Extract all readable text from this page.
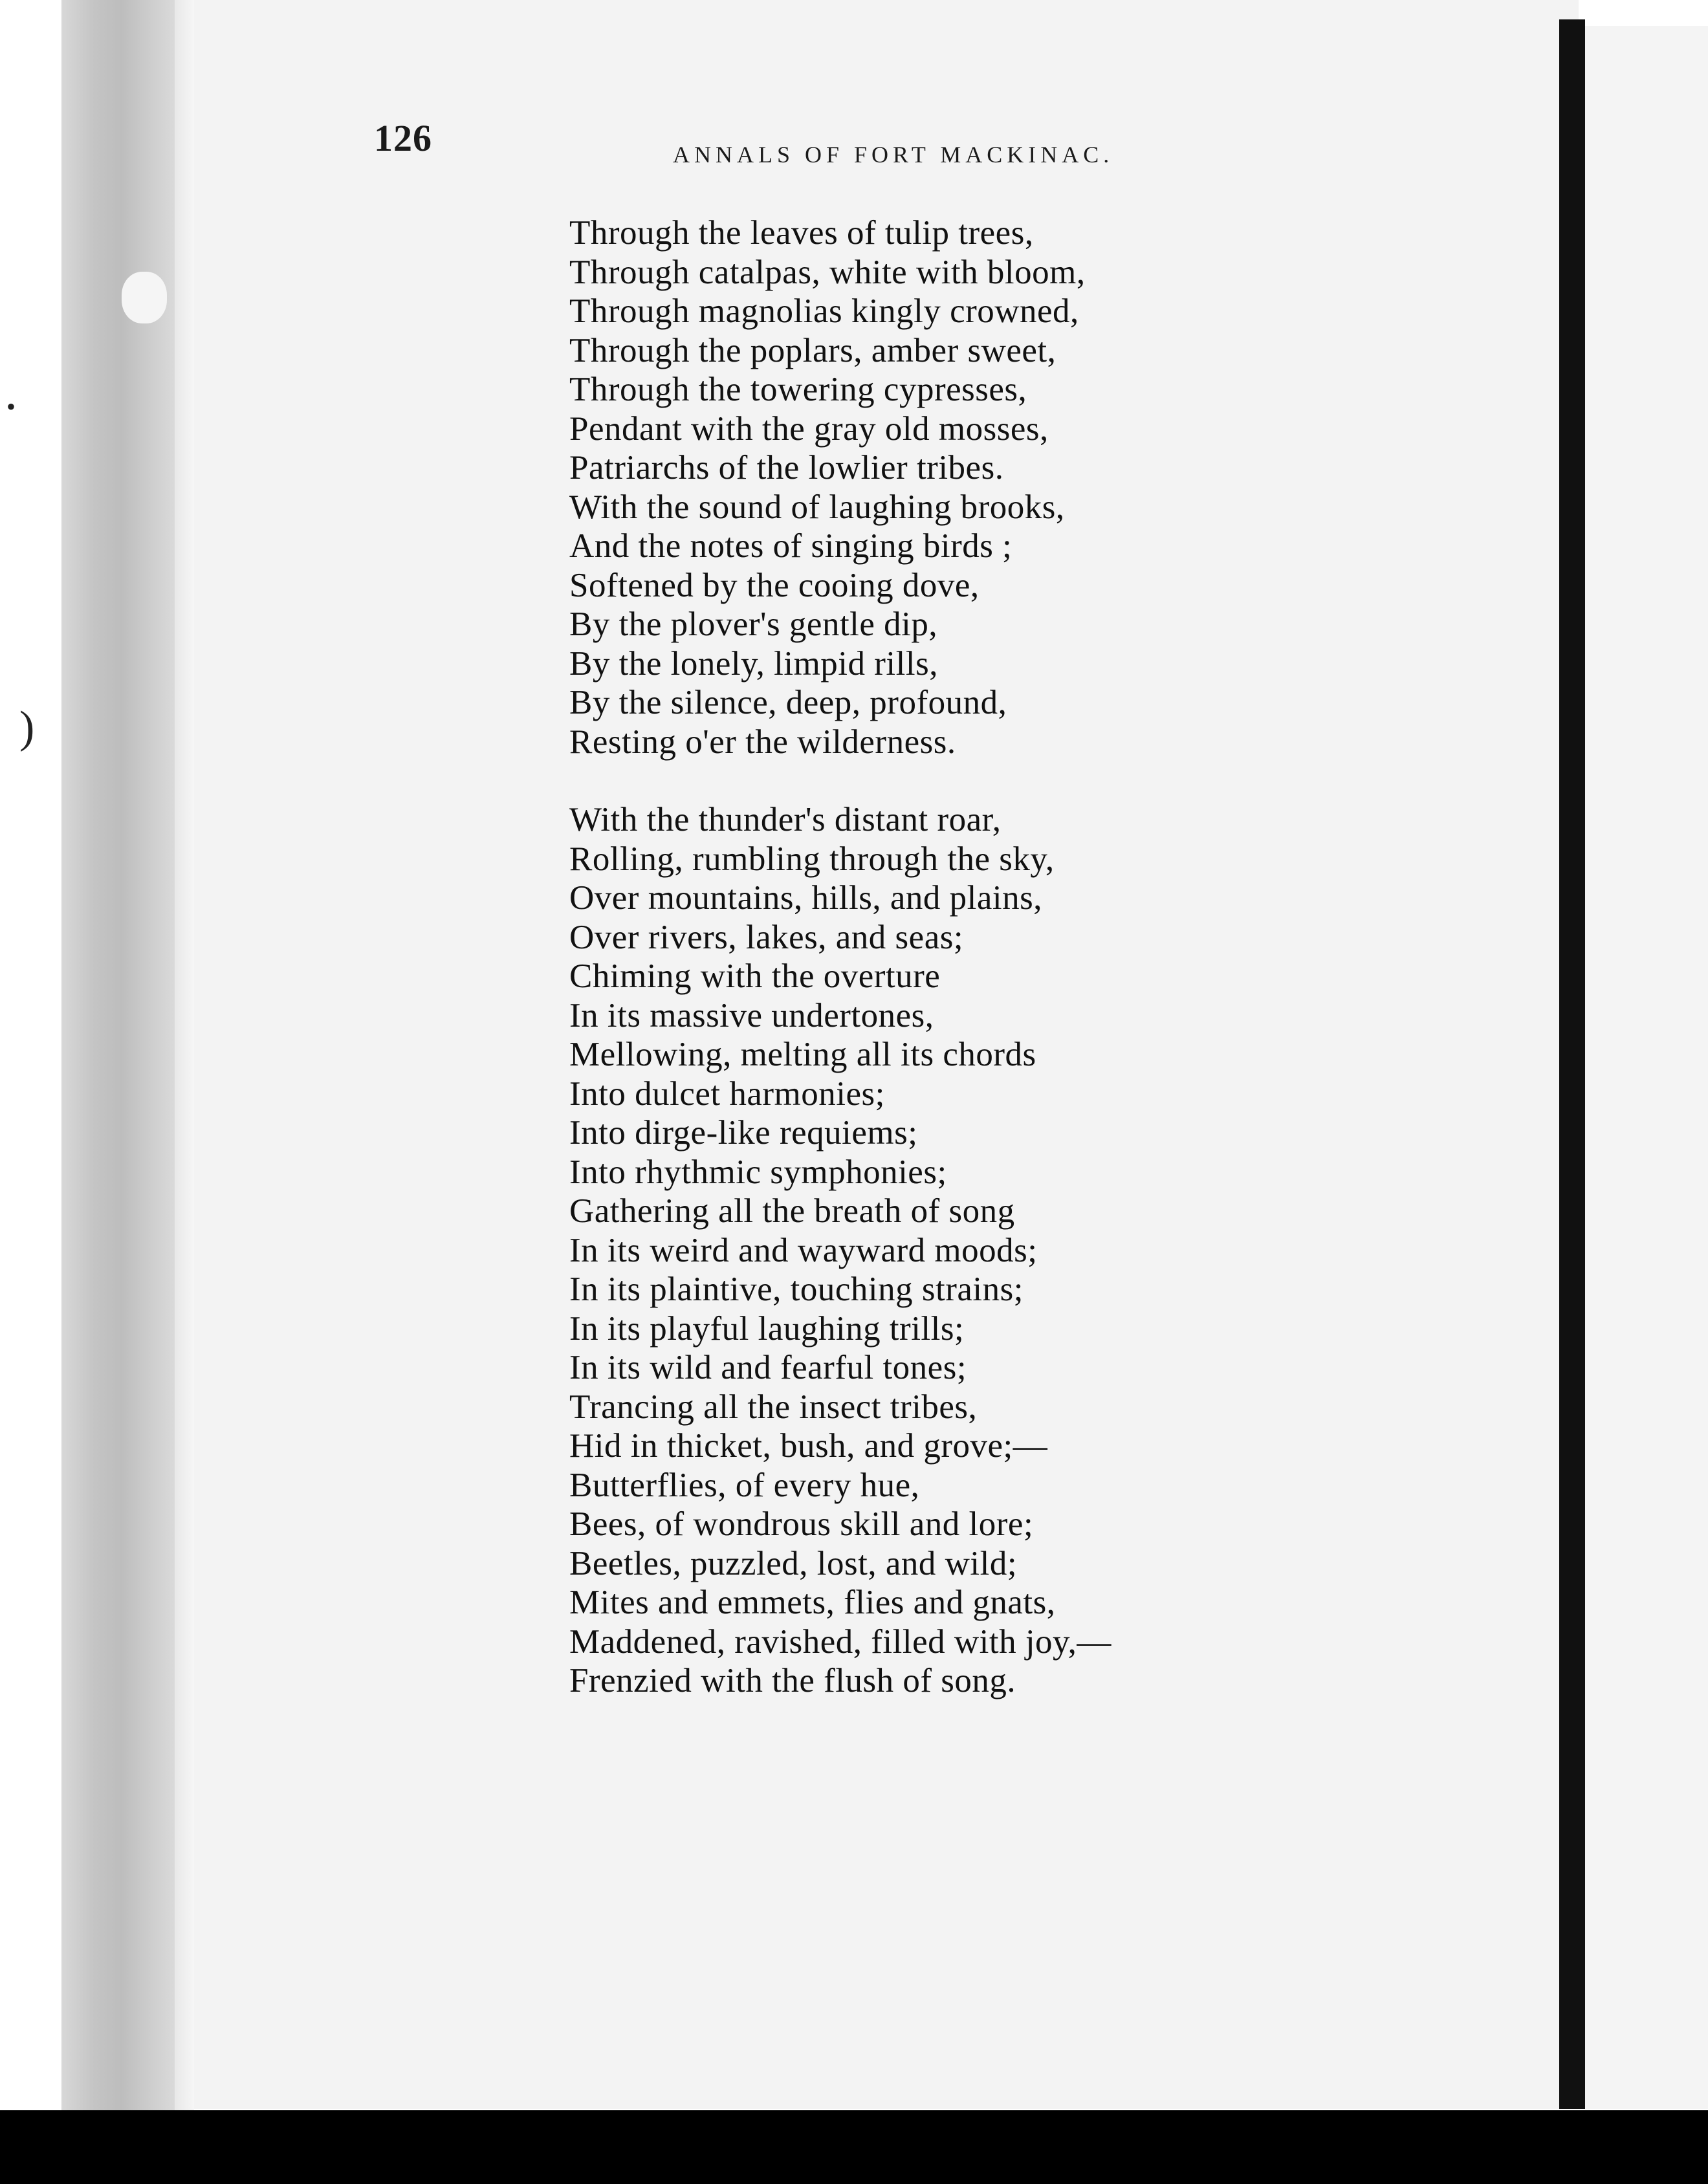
•
)
126	ANNALS OF FORT MACKINAC.
Through the leaves of tulip trees,
Through catalpas, white with bloom,
Through magnolias kingly crowned,
Through the poplars, amber sweet,
Through the towering cypresses,
Pendant with the gray old mosses,
Patriarchs of the lowlier tribes.
With the sound of laughing brooks,
And the notes of singing birds ;
Softened by the cooing dove,
By the plover's gentle dip,
By the lonely, limpid rills,
By the silence, deep, profound,
Resting o'er the wilderness.
With the thunder's distant roar,
Rolling, rumbling through the sky,
Over mountains, hills, and plains,
Over rivers, lakes, and seas;
Chiming with the overture
In its massive undertones,
Mellowing, melting all its chords
Into dulcet harmonies;
Into dirge-like requiems;
Into rhythmic symphonies;
Gathering all the breath of song
In its weird and wayward moods;
In its plaintive, touching strains;
In its playful laughing trills;
In its wild and fearful tones;
Trancing all the insect tribes,
Hid in thicket, bush, and grove;—
Butterflies, of every hue,
Bees, of wondrous skill and lore;
Beetles, puzzled, lost, and wild;
Mites and emmets, flies and gnats,
Maddened, ravished, filled with joy,—
Frenzied with the flush of song.
